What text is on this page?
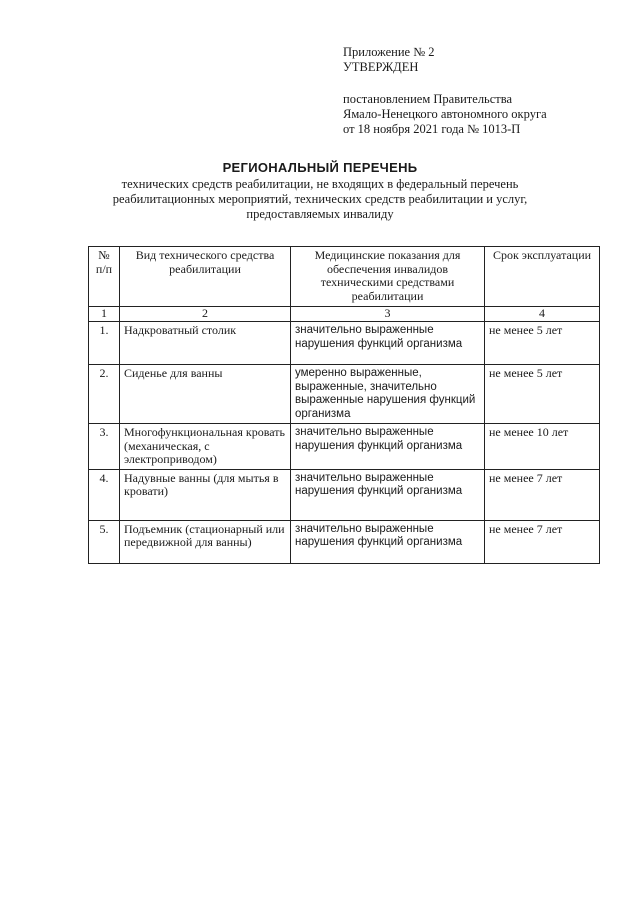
Приложение № 2
УТВЕРЖДЕН
постановлением Правительства
Ямало-Ненецкого автономного округа
от 18 ноября 2021 года № 1013-П
РЕГИОНАЛЬНЫЙ ПЕРЕЧЕНЬ
технических средств реабилитации, не входящих в федеральный перечень реабилитационных мероприятий, технических средств реабилитации и услуг, предоставляемых инвалиду
№ п/п	Вид технического средства реабилитации	Медицинские показания для обеспечения инвалидов техническими средствами реабилитации	Срок эксплуатации
1	2	3	4
1.	Надкроватный столик	значительно выраженные нарушения функций организма	не менее 5 лет
2.	Сиденье для ванны	умеренно выраженные, выраженные, значительно выраженные нарушения функций организма	не менее 5 лет
3.	Многофункциональная кровать (механическая, с электроприводом)	значительно выраженные нарушения функций организма	не менее 10 лет
4.	Надувные ванны (для мытья в кровати)	значительно выраженные нарушения функций организма	не менее 7 лет
5.	Подъемник (стационарный или передвижной для ванны)	значительно выраженные нарушения функций организма	не менее 7 лет
